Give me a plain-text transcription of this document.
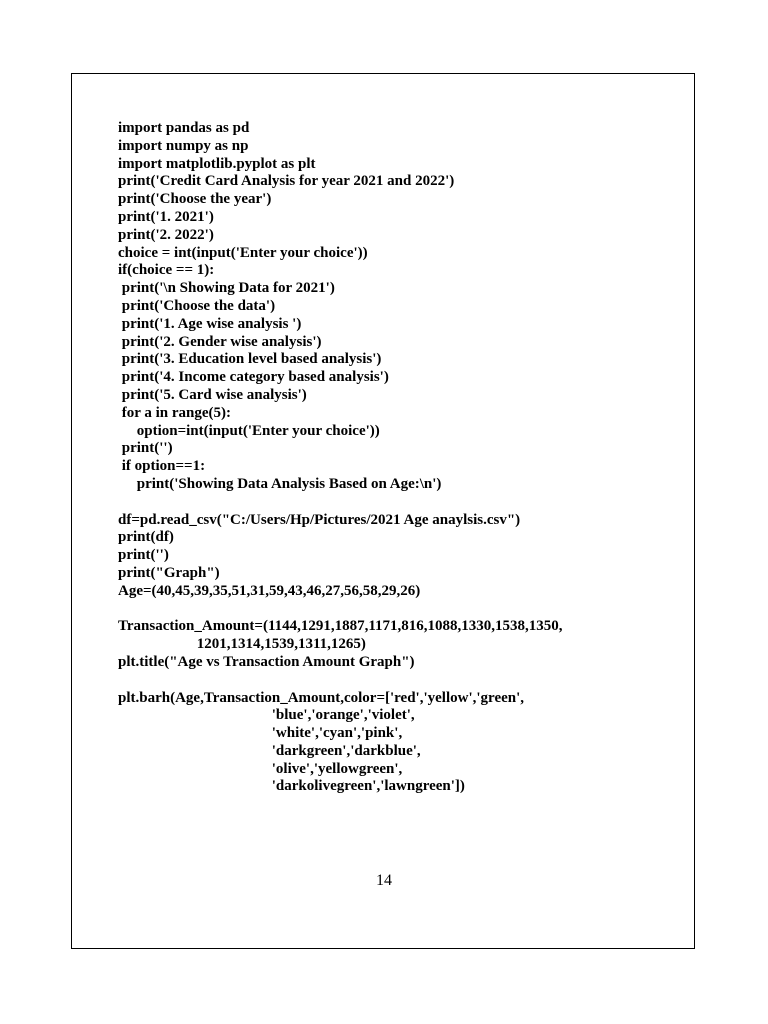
import pandas as pd
import numpy as np
import matplotlib.pyplot as plt
print('Credit Card Analysis for year 2021 and 2022')
print('Choose the year')
print('1. 2021')
print('2. 2022')
choice = int(input('Enter your choice'))
if(choice == 1):
print('\n Showing Data for 2021')
print('Choose the data')
print('1. Age wise analysis ')
print('2. Gender wise analysis')
print('3. Education level based analysis')
print('4. Income category based analysis')
print('5. Card wise analysis')
for a in range(5):
option=int(input('Enter your choice'))
print('')
if option==1:
print('Showing Data Analysis Based on Age:\n')
df=pd.read_csv("C:/Users/Hp/Pictures/2021 Age anaylsis.csv")
print(df)
print('')
print("Graph")
Age=(40,45,39,35,51,31,59,43,46,27,56,58,29,26)
Transaction_Amount=(1144,1291,1887,1171,816,1088,1330,1538,1350,
1201,1314,1539,1311,1265)
plt.title("Age vs Transaction Amount Graph")
plt.barh(Age,Transaction_Amount,color=['red','yellow','green',
'blue','orange','violet',
'white','cyan','pink',
'darkgreen','darkblue',
'olive','yellowgreen',
'darkolivegreen','lawngreen'])
14
